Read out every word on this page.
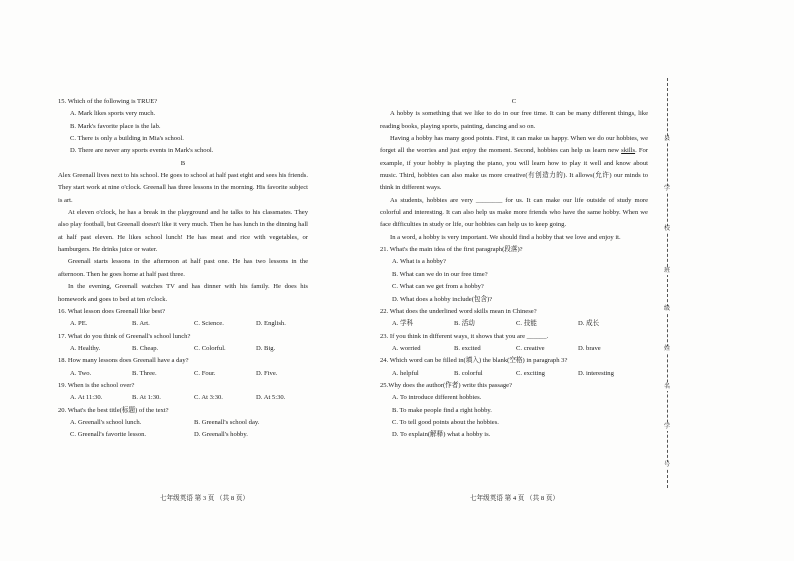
15. Which of the following is TRUE?
A. Mark likes sports very much.
B. Mark's favorite place is the lab.
C. There is only a building in Mia's school.
D. There are never any sports events in Mark's school.
B

Alex Greenall lives next to his school. He goes to school at half past eight and sees his friends. They start work at nine o'clock. Greenall has three lessons in the morning. His favorite subject is art.

At eleven o'clock, he has a break in the playground and he talks to his classmates. They also play football, but Greenall doesn't like it very much. Then he has lunch in the dinning hall at half past eleven. He likes school lunch! He has meat and rice with vegetables, or hamburgers. He drinks juice or water.

Greenall starts lessons in the afternoon at half past one. He has two lessons in the afternoon. Then he goes home at half past three.

In the evening, Greenall watches TV and has dinner with his family. He does his homework and goes to bed at ten o'clock.

16. What lesson does Greenall like best?
A. PE.	B. Art.	C. Science.	D. English.
17. What do you think of Greenall's school lunch?
A. Healthy.	B. Cheap.	C. Colorful.	D. Big.
18. How many lessons does Greenall have a day?
A. Two.	B. Three.	C. Four.	D. Five.
19. When is the school over?
A. At 11:30.	B. At 1:30.	C. At 3:30.	D. At 5:30.
20. What's the best title(标题) of the text?
A. Greenall's school lunch.	B. Greenall's school day.
C. Greenall's favorite lesson.	D. Greenall's hobby.
七年级英语 第 3 页 （共 8 页）
C

A hobby is something that we like to do in our free time. It can be many different things, like reading books, playing sports, painting, dancing and so on.

Having a hobby has many good points. First, it can make us happy. When we do our hobbies, we forget all the worries and just enjoy the moment. Second, hobbies can help us learn new skills. For example, if your hobby is playing the piano, you will learn how to play it well and know about music. Third, hobbies can also make us more creative(有创造力的). It allows(允许) our minds to think in different ways.

As students, hobbies are very ________ for us. It can make our life outside of study more colorful and interesting. It can also help us make more friends who have the same hobby. When we face difficulties in study or life, our hobbies can help us to keep going.

In a word, a hobby is very important. We should find a hobby that we love and enjoy it.

21. What's the main idea of the first paragraph(段落)?
A. What is a hobby?
B. What can we do in our free time?
C. What can we get from a hobby?
D. What does a hobby include(包含)?
22. What does the underlined word skills mean in Chinese?
A. 学科	B. 活动	C. 技能	D. 成长
23. If you think in different ways, it shows that you are ______.
A. worried	B. excited	C. creative	D. brave
24. Which word can be filled in(填入) the blank(空格) in paragraph 3?
A. helpful	B. colorful	C. exciting	D. interesting
25.Why does the author(作者) write this passage?
A. To introduce different hobbies.
B. To make people find a right hobby.
C. To tell good points about the hobbies.
D. To explain(解释) what a hobby is.
七年级英语 第 4 页 （共 8 页）
县
学
校
班
级
姓
名
学
号
